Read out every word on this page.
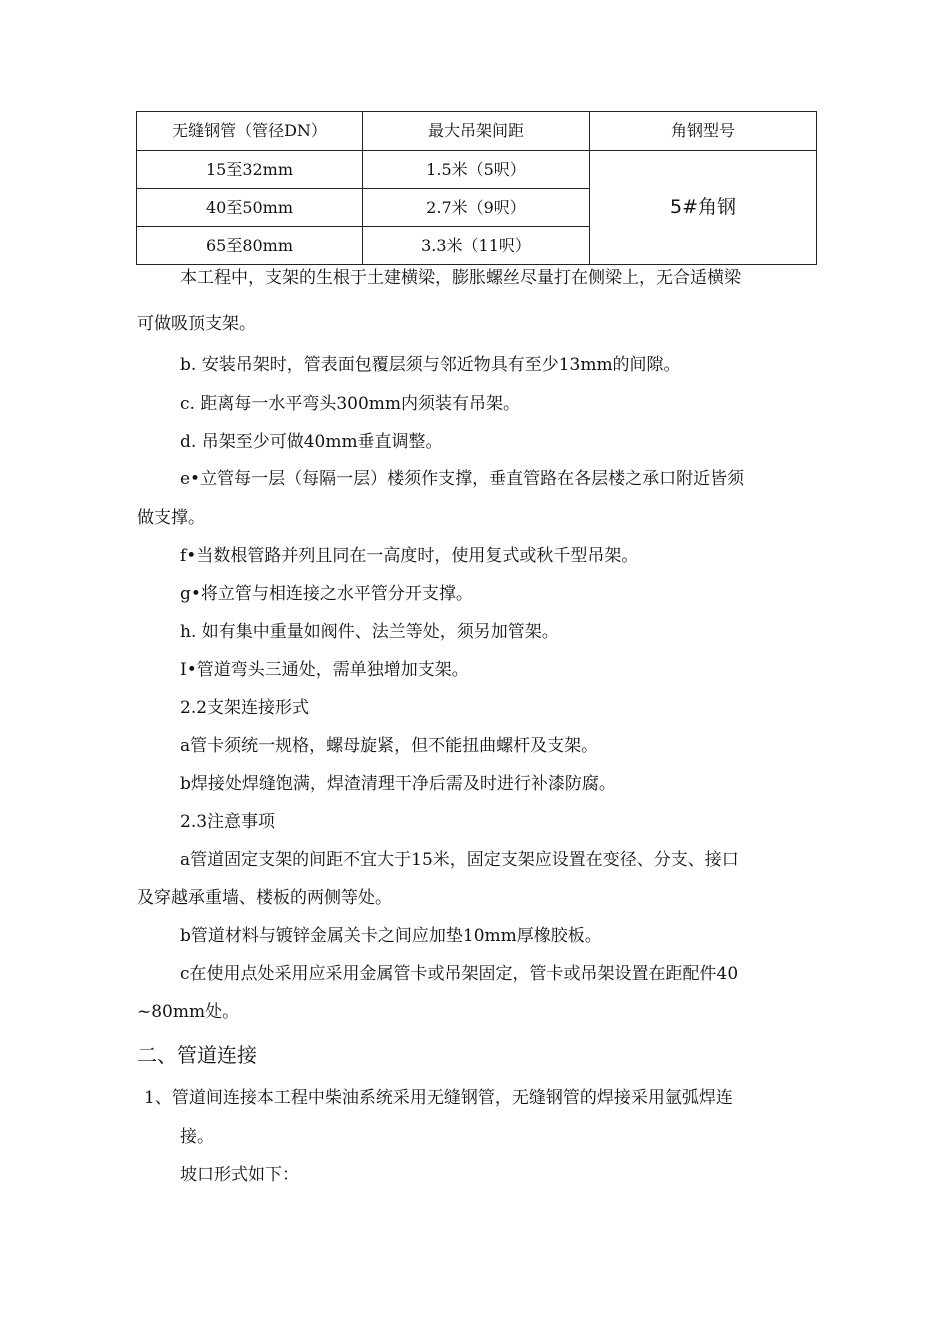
无缝钢管（管径DN）	最大吊架间距	角钢型号
15至32mm	1.5米（5呎）	5#角钢
40至50mm	2.7米（9呎）	
65至80mm	3.3米（11呎）	
本工程中，支架的生根于土建横梁，膨胀螺丝尽量打在侧梁上，无合适横梁
可做吸顶支架。
b. 安装吊架时，管表面包覆层须与邻近物具有至少13mm的间隙。
c. 距离每一水平弯头300mm内须装有吊架。
d. 吊架至少可做40mm垂直调整。
e•立管每一层（每隔一层）楼须作支撑，垂直管路在各层楼之承口附近皆须
做支撑。
f•当数根管路并列且同在一高度时，使用复式或秋千型吊架。
g•将立管与相连接之水平管分开支撑。
h. 如有集中重量如阀件、法兰等处，须另加管架。
I•管道弯头三通处，需单独增加支架。
2.2支架连接形式
a管卡须统一规格，螺母旋紧，但不能扭曲螺杆及支架。
b焊接处焊缝饱满，焊渣清理干净后需及时进行补漆防腐。
2.3注意事项
a管道固定支架的间距不宜大于15米，固定支架应设置在变径、分支、接口
及穿越承重墙、楼板的两侧等处。
b管道材料与镀锌金属关卡之间应加垫10mm厚橡胶板。
c在使用点处采用应采用金属管卡或吊架固定，管卡或吊架设置在距配件40
~80mm处。
二、管道连接
1、管道间连接本工程中柴油系统采用无缝钢管，无缝钢管的焊接采用氩弧焊连
接。
坡口形式如下：
